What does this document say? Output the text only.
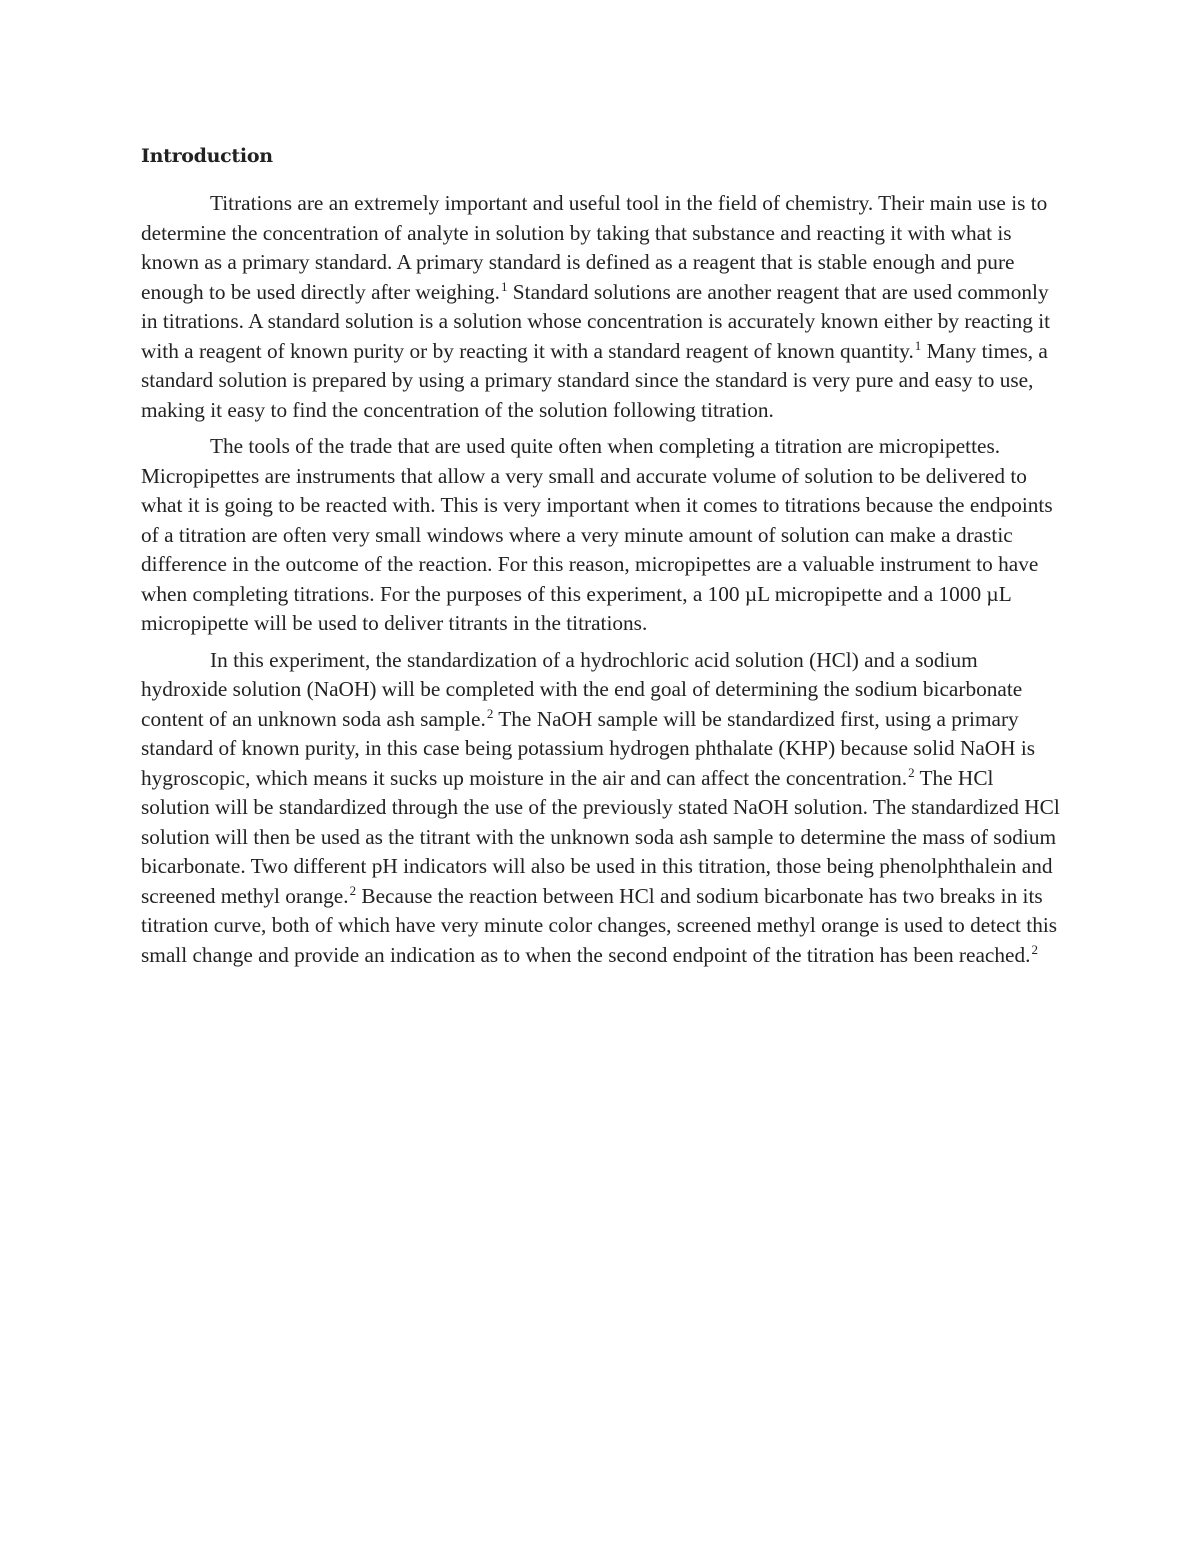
Introduction

Titrations are an extremely important and useful tool in the field of chemistry. Their main use is to determine the concentration of analyte in solution by taking that substance and reacting it with what is known as a primary standard. A primary standard is defined as a reagent that is stable enough and pure enough to be used directly after weighing.$^1$ Standard solutions are another reagent that are used commonly in titrations. A standard solution is a solution whose concentration is accurately known either by reacting it with a reagent of known purity or by reacting it with a standard reagent of known quantity.$^1$ Many times, a standard solution is prepared by using a primary standard since the standard is very pure and easy to use, making it easy to find the concentration of the solution following titration.

The tools of the trade that are used quite often when completing a titration are micropipettes. Micropipettes are instruments that allow a very small and accurate volume of solution to be delivered to what it is going to be reacted with. This is very important when it comes to titrations because the endpoints of a titration are often very small windows where a very minute amount of solution can make a drastic difference in the outcome of the reaction. For this reason, micropipettes are a valuable instrument to have when completing titrations. For the purposes of this experiment, a 100 µL micropipette and a 1000 µL micropipette will be used to deliver titrants in the titrations.

In this experiment, the standardization of a hydrochloric acid solution (HCl) and a sodium hydroxide solution (NaOH) will be completed with the end goal of determining the sodium bicarbonate content of an unknown soda ash sample.$^2$ The NaOH sample will be standardized first, using a primary standard of known purity, in this case being potassium hydrogen phthalate (KHP) because solid NaOH is hygroscopic, which means it sucks up moisture in the air and can affect the concentration.$^2$ The HCl solution will be standardized through the use of the previously stated NaOH solution. The standardized HCl solution will then be used as the titrant with the unknown soda ash sample to determine the mass of sodium bicarbonate. Two different pH indicators will also be used in this titration, those being phenolphthalein and screened methyl orange.$^2$ Because the reaction between HCl and sodium bicarbonate has two breaks in its titration curve, both of which have very minute color changes, screened methyl orange is used to detect this small change and provide an indication as to when the second endpoint of the titration has been reached.$^2$
